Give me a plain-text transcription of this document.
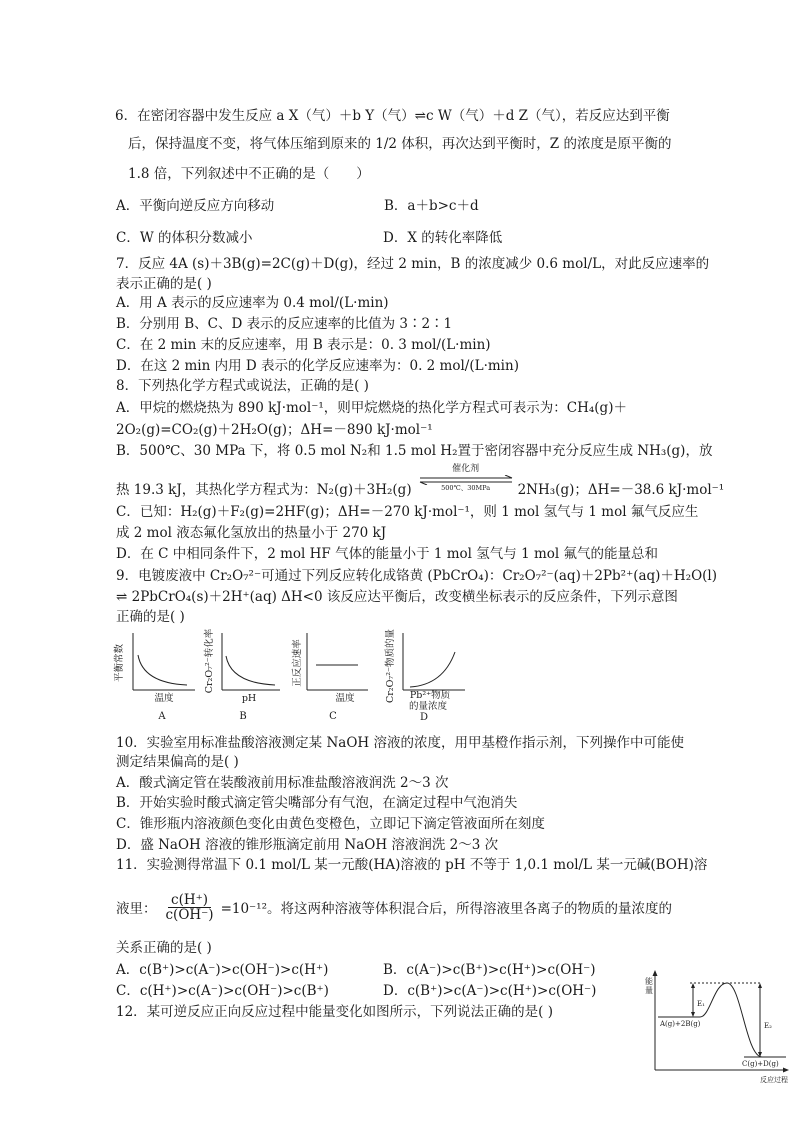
6．在密闭容器中发生反应 a X（气）＋b Y（气）⇌c W（气）＋d Z（气），若反应达到平衡
后，保持温度不变，将气体压缩到原来的 1/2 体积，再次达到平衡时，Z 的浓度是原平衡的
1.8 倍，下列叙述中不正确的是（　　）
A．平衡向逆反应方向移动	B．a＋b>c＋d
C．W 的体积分数减小	D．X 的转化率降低
7．反应 4A (s)＋3B(g)=2C(g)＋D(g)，经过 2 min，B 的浓度减少 0.6 mol/L，对此反应速率的
表示正确的是( )
A．用 A 表示的反应速率为 0.4 mol/(L·min)
B．分别用 B、C、D 表示的反应速率的比值为 3∶2∶1
C．在 2 min 末的反应速率，用 B 表示是：0. 3 mol/(L·min)
D．在这 2 min 内用 D 表示的化学反应速率为：0. 2 mol/(L·min)
8．下列热化学方程式或说法，正确的是( )
A．甲烷的燃烧热为 890 kJ·mol⁻¹，则甲烷燃烧的热化学方程式可表示为：CH₄(g)＋
2O₂(g)=CO₂(g)＋2H₂O(g)；ΔH=－890 kJ·mol⁻¹
B．500℃、30 MPa 下，将 0.5 mol N₂和 1.5 mol H₂置于密闭容器中充分反应生成 NH₃(g)，放
热 19.3 kJ，其热化学方程式为：N₂(g)＋3H₂(g)
催化剂
500℃、30MPa	2NH₃(g)；ΔH=－38.6 kJ·mol⁻¹
C．已知：H₂(g)＋F₂(g)=2HF(g)；ΔH=－270 kJ·mol⁻¹，则 1 mol 氢气与 1 mol 氟气反应生
成 2 mol 液态氟化氢放出的热量小于 270 kJ
D．在 C 中相同条件下，2 mol HF 气体的能量小于 1 mol 氢气与 1 mol 氟气的能量总和
9．电镀废液中 Cr₂O₇²⁻可通过下列反应转化成铬黄 (PbCrO₄)：Cr₂O₇²⁻(aq)＋2Pb²⁺(aq)＋H₂O(l)
⇌ 2PbCrO₄(s)＋2H⁺(aq) ΔH<0 该反应达平衡后，改变横坐标表示的反应条件，下列示意图
正确的是( )
平衡常数
温度
A
Cr₂O₇²⁻转化率
pH
B
正反应速率
温度
C
Cr₂O₇²⁻物质的量 Pb²⁺物质
的量浓度
D
10．实验室用标准盐酸溶液测定某 NaOH 溶液的浓度，用甲基橙作指示剂，下列操作中可能使
测定结果偏高的是( )
A．酸式滴定管在装酸液前用标准盐酸溶液润洗 2～3 次
B．开始实验时酸式滴定管尖嘴部分有气泡，在滴定过程中气泡消失
C．锥形瓶内溶液颜色变化由黄色变橙色，立即记下滴定管液面所在刻度
D．盛 NaOH 溶液的锥形瓶滴定前用 NaOH 溶液润洗 2～3 次
11．实验测得常温下 0.1 mol/L 某一元酸(HA)溶液的 pH 不等于 1,0.1 mol/L 某一元碱(BOH)溶
液里： $\frac{c(H^+)}{c(OH^-)} =10^{-12}$。将这两种溶液等体积混合后，所得溶液里各离子的物质的量浓度的
关系正确的是( )
A．c(B⁺)>c(A⁻)>c(OH⁻)>c(H⁺)	B．c(A⁻)>c(B⁺)>c(H⁺)>c(OH⁻)
C．c(H⁺)>c(A⁻)>c(OH⁻)>c(B⁺)	D．c(B⁺)>c(A⁻)>c(H⁺)>c(OH⁻)
12．某可逆反应正向反应过程中能量变化如图所示，下列说法正确的是( )
能量
E₁
E₂
A(g)+2B(g)
C(g)+D(g)
反应过程
